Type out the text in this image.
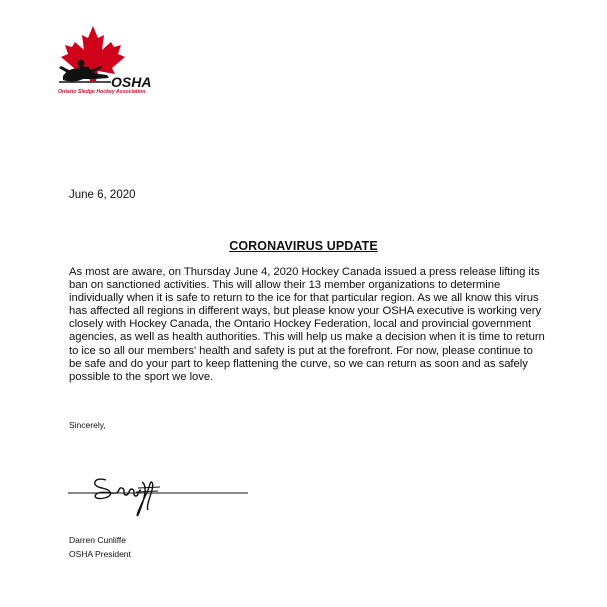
OSHA
Ontario Sledge Hockey Association
June 6, 2020
CORONAVIRUS UPDATE
As most are aware, on Thursday June 4, 2020 Hockey Canada issued a press release lifting its ban on sanctioned activities. This will allow their 13 member organizations to determine individually when it is safe to return to the ice for that particular region. As we all know this virus has affected all regions in different ways, but please know your OSHA executive is working very closely with Hockey Canada, the Ontario Hockey Federation, local and provincial government agencies, as well as health authorities. This will help us make a decision when it is time to return to ice so all our members' health and safety is put at the forefront. For now, please continue to be safe and do your part to keep flattening the curve, so we can return as soon and as safely possible to the sport we love.
Sincerely,
Darren Cunliffe
OSHA President
